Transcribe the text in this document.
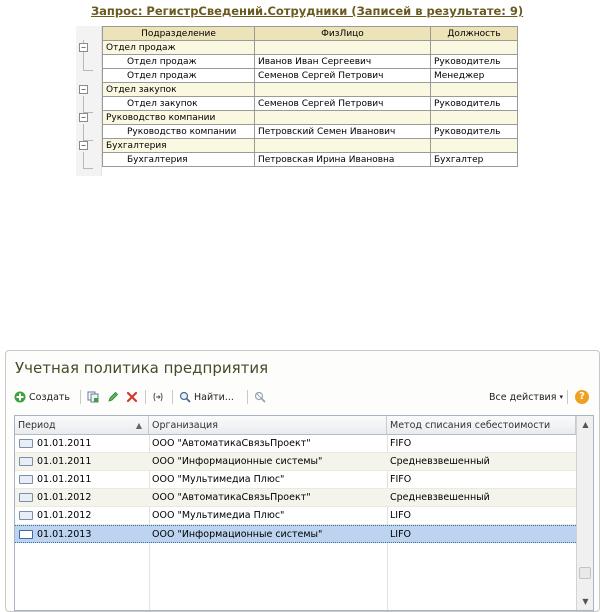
Запрос: РегистрСведений.Сотрудники (Записей в результате: 9)
−
−
−
−
Подразделение	ФизЛицо	Должность
Отдел продаж		
Отдел продаж	Иванов Иван Сергеевич	Руководитель
Отдел продаж	Семенов Сергей Петрович	Менеджер
Отдел закупок		
Отдел закупок	Семенов Сергей Петрович	Руководитель
Руководство компании		
Руководство компании	Петровский Семен Иванович	Руководитель
Бухгалтерия		
Бухгалтерия	Петровская Ирина Ивановна	Бухгалтер
Учетная политика предприятия
Создать	Найти...	Все действия ▾	?
Период	▲	Организация	Метод списания себестоимости
01.01.2011	ООО "АвтоматикаСвязьПроект"	FIFO
01.01.2011	ООО "Информационные системы"	Средневзвешенный
01.01.2011	ООО "Мультимедиа Плюс"	FIFO
01.01.2012	ООО "АвтоматикаСвязьПроект"	Средневзвешенный
01.01.2012	ООО "Мультимедиа Плюс"	LIFO
01.01.2013	ООО "Информационные системы"	LIFO
▲
▼
